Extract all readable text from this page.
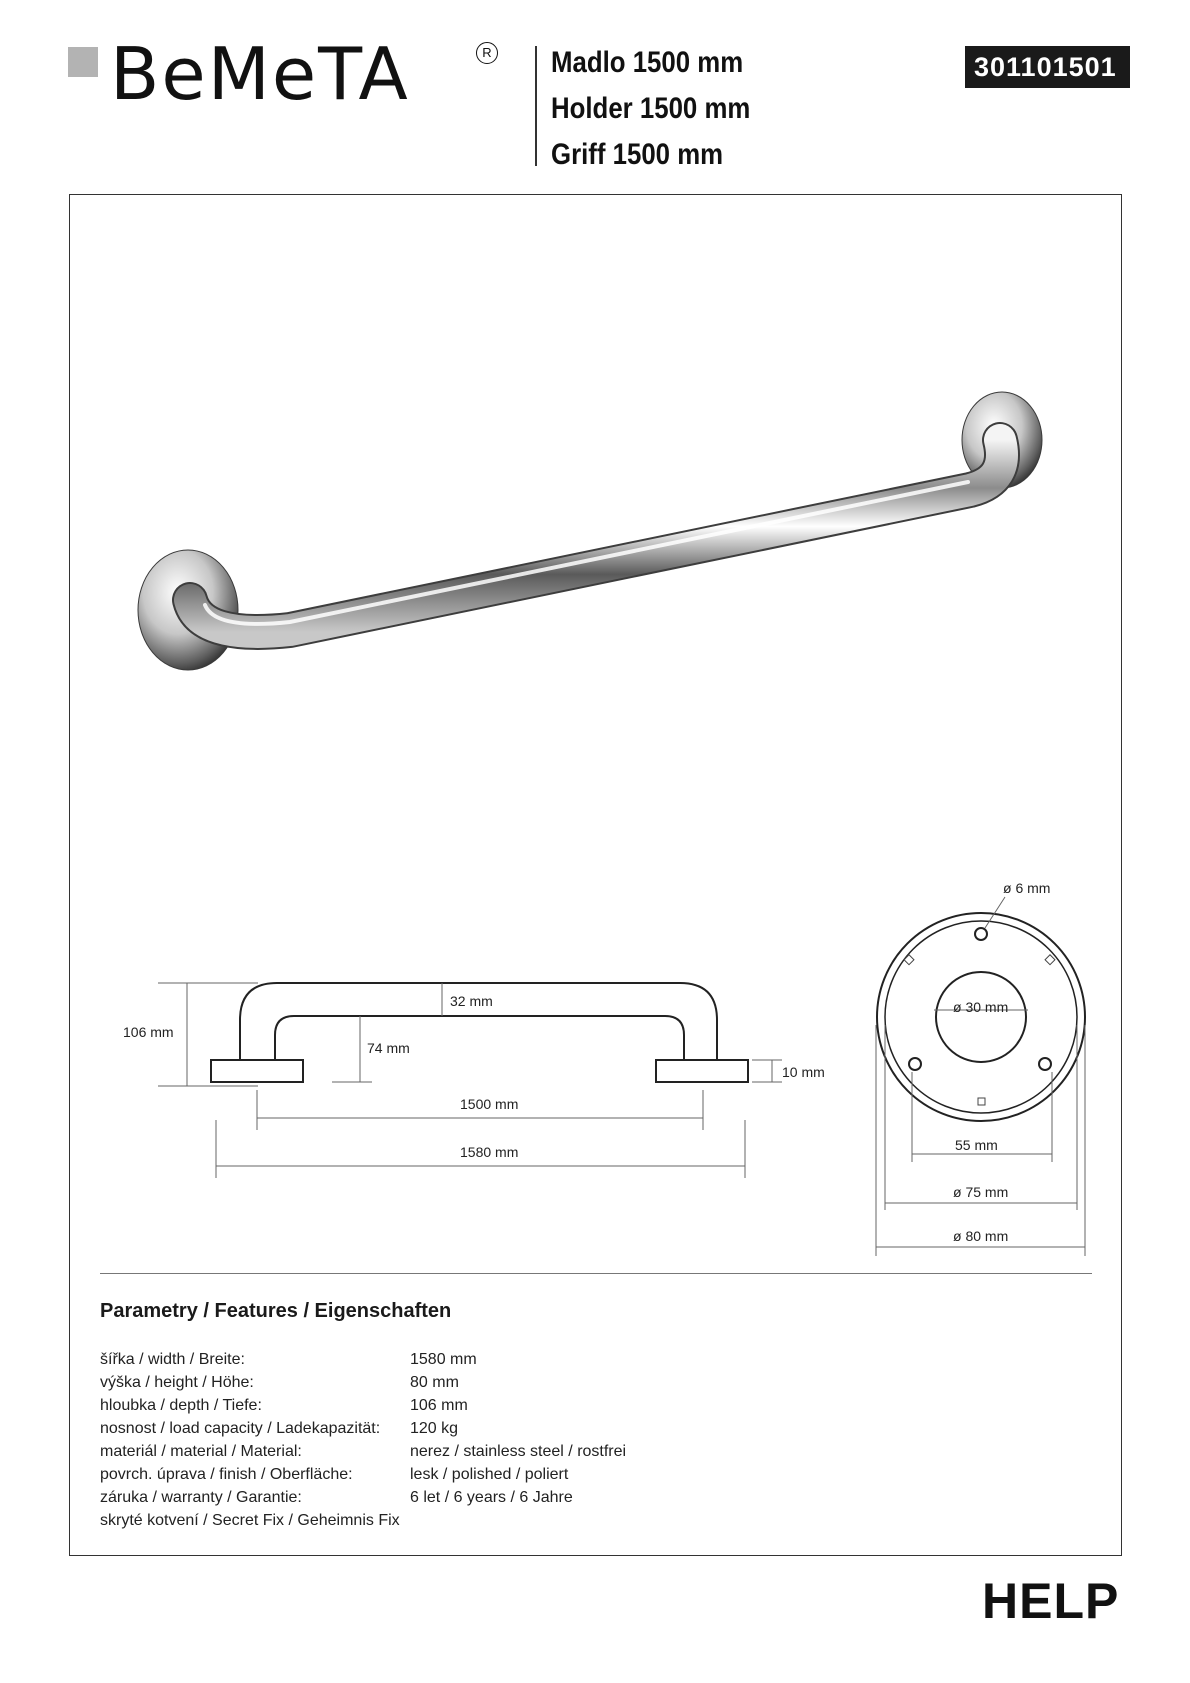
BeMeTA	R Madlo 1500 mm
Holder 1500 mm
Griff 1500 mm
301101501
106 mm
32 mm
74 mm
10 mm
1500 mm
1580 mm
ø 6 mm
ø 30 mm
55 mm
ø 75 mm
ø 80 mm
Parametry / Features / Eigenschaften
šířka / width / Breite:	1580 mm
výška / height / Höhe:	80 mm
hloubka / depth / Tiefe:	106 mm
nosnost / load capacity / Ladekapazität: 120 kg
materiál / material / Material:	nerez / stainless steel / rostfrei
povrch. úprava / finish / Oberfläche:	lesk / polished / poliert
záruka / warranty / Garantie:	6 let / 6 years / 6 Jahre
skryté kotvení / Secret Fix / Geheimnis Fix
HELP
